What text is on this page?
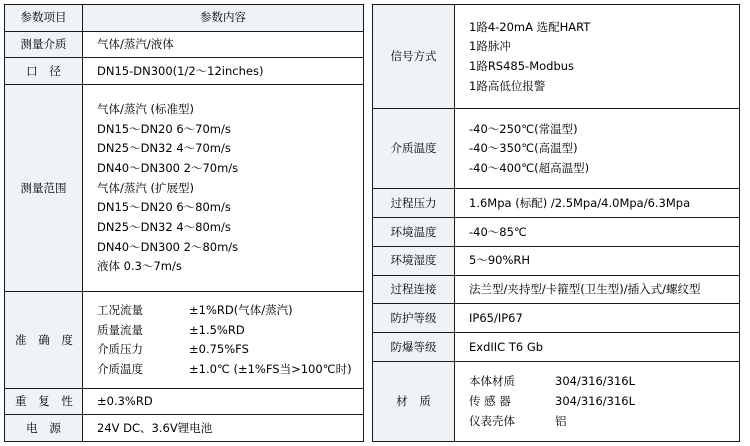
参数项目	参数内容
测量介质	气体/蒸汽/液体
口 径	DN15-DN300(1/2～12inches)
测量范围	
气体/蒸汽 (标准型)
DN15～DN20 6～70m/s
DN25～DN32 4～70m/s
DN40～DN300 2～70m/s
气体/蒸汽 (扩展型)
DN15～DN20 6～80m/s
DN25～DN32 4～80m/s
DN40～DN300 2～80m/s
液体 0.3～7m/s

准 确 度	
工况流量	±1%RD(气体/蒸汽)
质量流量	±1.5%RD
介质压力	±0.75%FS
介质温度	±1.0℃ (±1%FS当>100℃时)

重 复 性	±0.3%RD
电 源	24V DC、3.6V锂电池
信号方式	1路4-20mA 选配HART
1路脉冲
1路RS485-Modbus
1路高低位报警

介质温度	-40～250℃(常温型)
-40～350℃(高温型)
-40～400℃(超高温型)

过程压力	1.6Mpa (标配) /2.5Mpa/4.0Mpa/6.3Mpa
环境温度	-40～85℃
环境湿度	5～90%RH
过程连接	法兰型/夹持型/卡箍型(卫生型)/插入式/螺纹型
防护等级	IP65/IP67
防爆等级	ExdIIC T6 Gb
材 质	
本体材质	304/316/316L
传 感 器	304/316/316L
仪表壳体	铝
